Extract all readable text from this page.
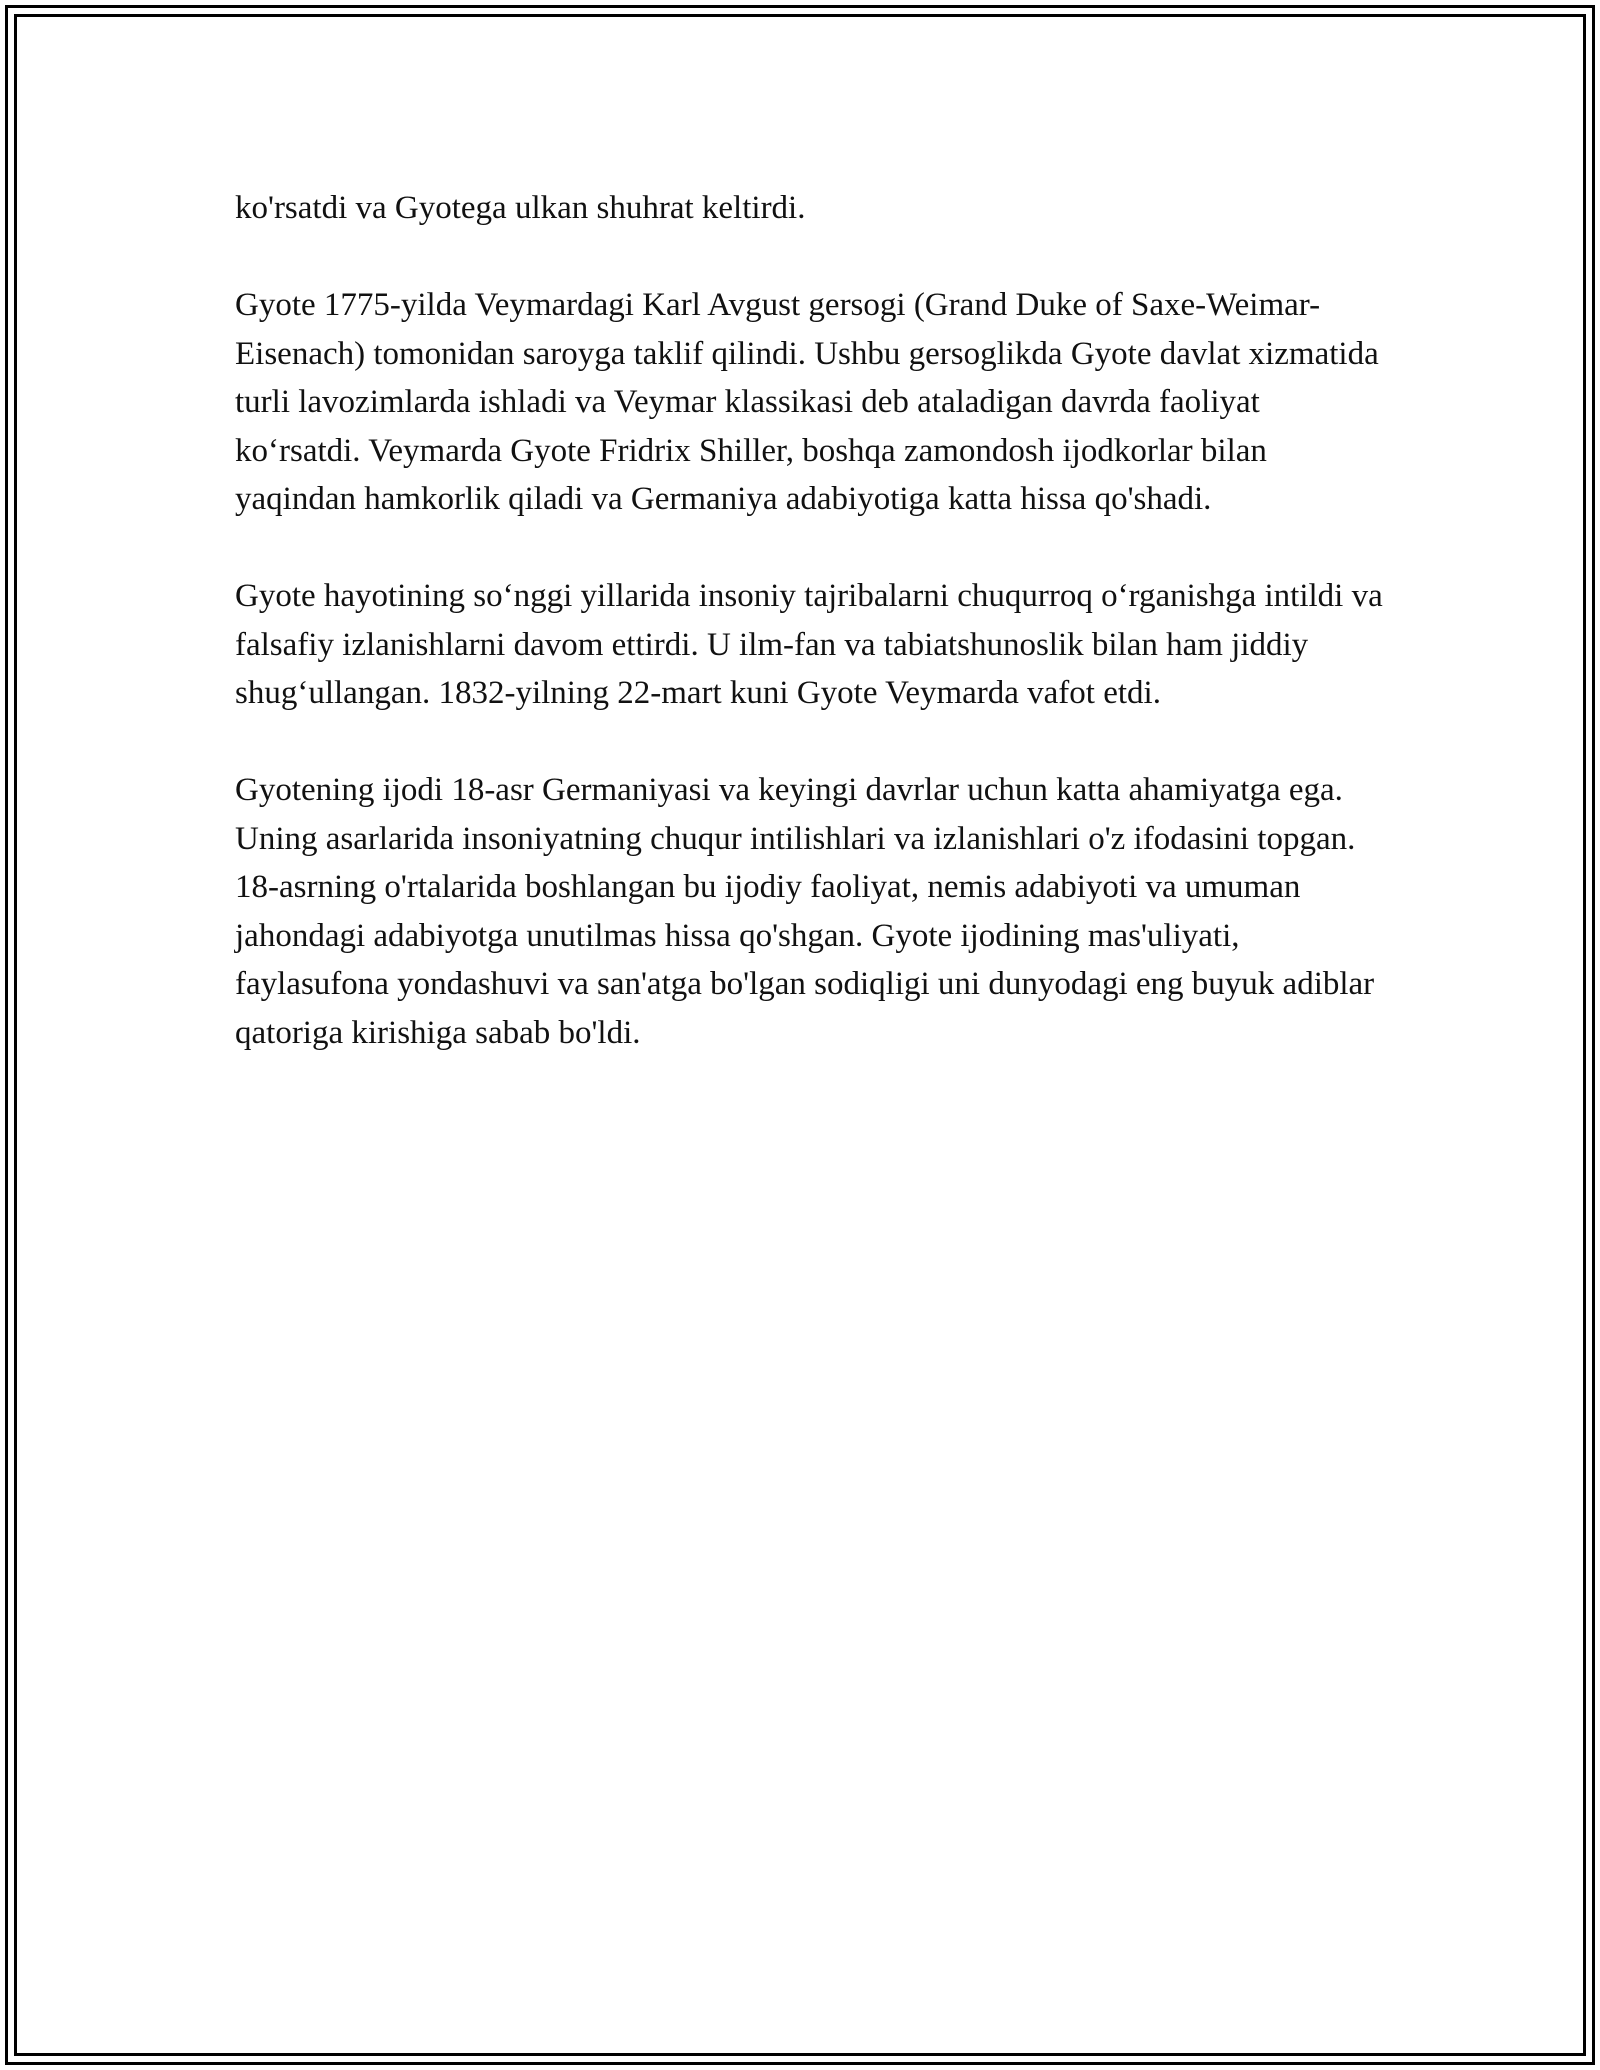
ko'rsatdi va Gyotega ulkan shuhrat keltirdi.

Gyote 1775-yilda Veymardagi Karl Avgust gersogi (Grand Duke of Saxe-Weimar-Eisenach) tomonidan saroyga taklif qilindi. Ushbu gersoglikda Gyote davlat xizmatida turli lavozimlarda ishladi va Veymar klassikasi deb ataladigan davrda faoliyat ko‘rsatdi. Veymarda Gyote Fridrix Shiller, boshqa zamondosh ijodkorlar bilan yaqindan hamkorlik qiladi va Germaniya adabiyotiga katta hissa qo'shadi.

Gyote hayotining so‘nggi yillarida insoniy tajribalarni chuqurroq o‘rganishga intildi va falsafiy izlanishlarni davom ettirdi. U ilm-fan va tabiatshunoslik bilan ham jiddiy shug‘ullangan. 1832-yilning 22-mart kuni Gyote Veymarda vafot etdi.

Gyotening ijodi 18-asr Germaniyasi va keyingi davrlar uchun katta ahamiyatga ega. Uning asarlarida insoniyatning chuqur intilishlari va izlanishlari o'z ifodasini topgan. 18-asrning o'rtalarida boshlangan bu ijodiy faoliyat, nemis adabiyoti va umuman jahondagi adabiyotga unutilmas hissa qo'shgan. Gyote ijodining mas'uliyati, faylasufona yondashuvi va san'atga bo'lgan sodiqligi uni dunyodagi eng buyuk adiblar qatoriga kirishiga sabab bo'ldi.
